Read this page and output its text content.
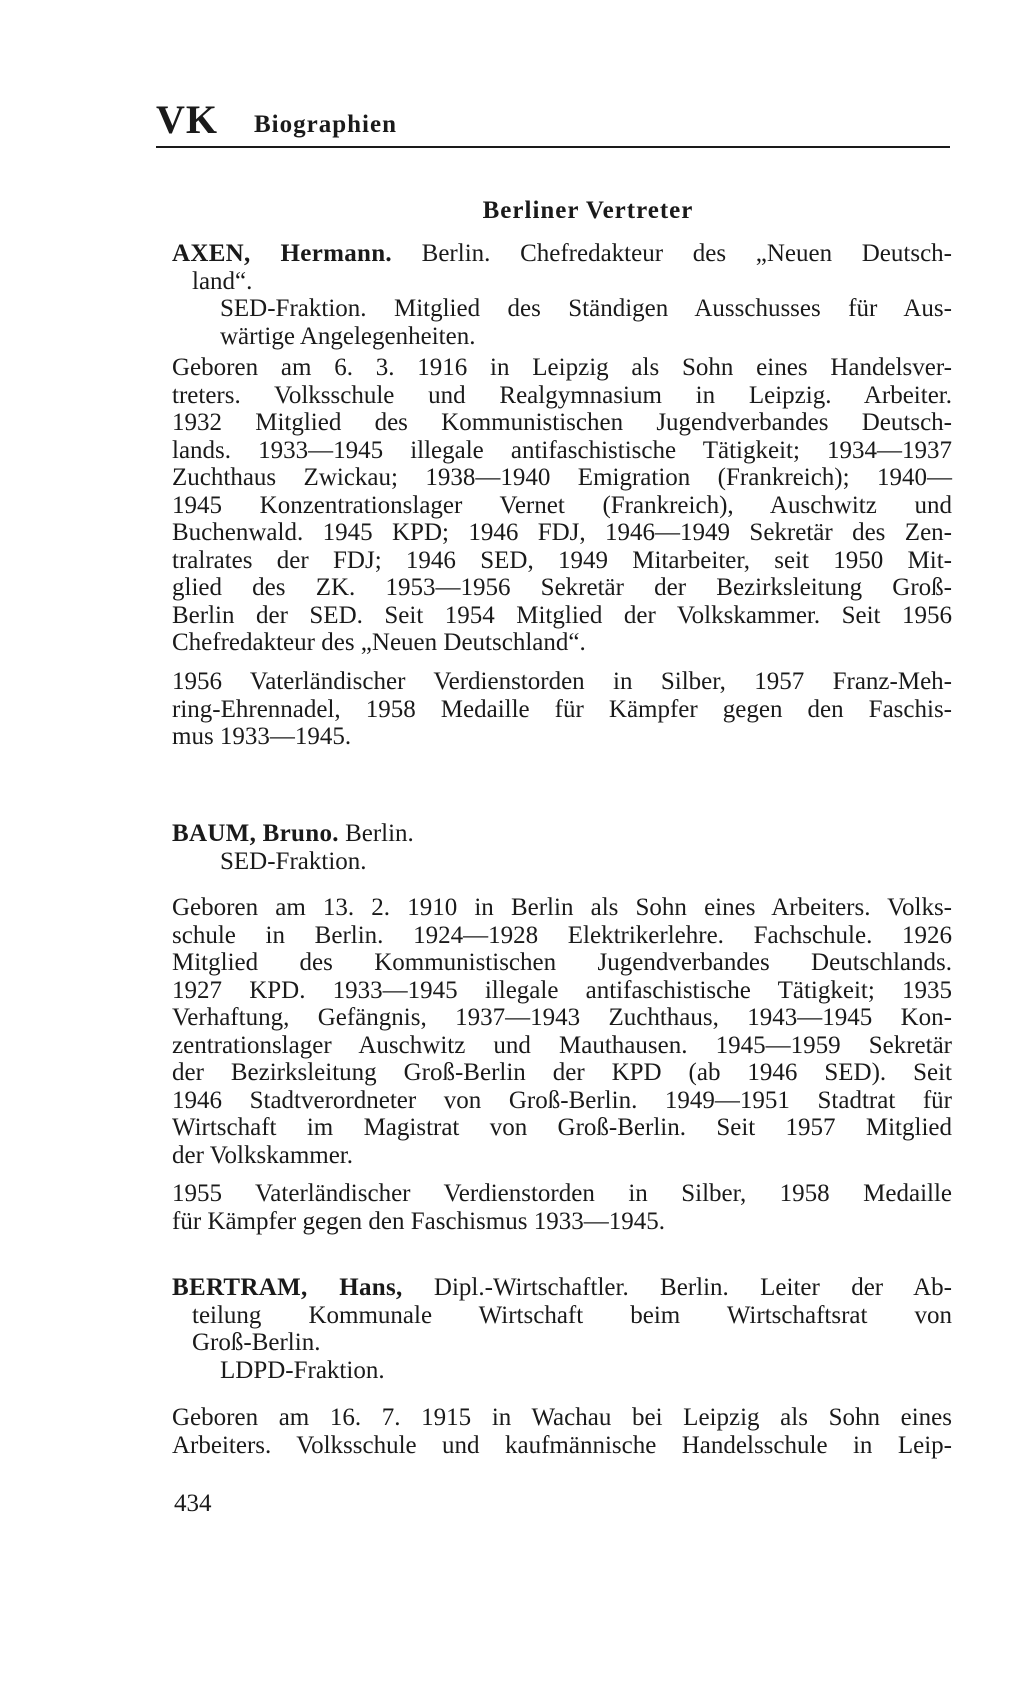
VK Biographien
Berliner Vertreter
AXEN, Hermann. Berlin. Chefredakteur des „Neuen Deutsch-
land“.
SED-Fraktion. Mitglied des Ständigen Ausschusses für Aus-
wärtige Angelegenheiten.
Geboren am 6. 3. 1916 in Leipzig als Sohn eines Handelsver-
treters. Volksschule und Realgymnasium in Leipzig. Arbeiter.
1932 Mitglied des Kommunistischen Jugendverbandes Deutsch-
lands. 1933—1945 illegale antifaschistische Tätigkeit; 1934—1937
Zuchthaus Zwickau; 1938—1940 Emigration (Frankreich); 1940—
1945 Konzentrationslager Vernet (Frankreich), Auschwitz und
Buchenwald. 1945 KPD; 1946 FDJ, 1946—1949 Sekretär des Zen-
tralrates der FDJ; 1946 SED, 1949 Mitarbeiter, seit 1950 Mit-
glied des ZK. 1953—1956 Sekretär der Bezirksleitung Groß-
Berlin der SED. Seit 1954 Mitglied der Volkskammer. Seit 1956
Chefredakteur des „Neuen Deutschland“.
1956 Vaterländischer Verdienstorden in Silber, 1957 Franz-Meh-
ring-Ehrennadel, 1958 Medaille für Kämpfer gegen den Faschis-
mus 1933—1945.
BAUM, Bruno. Berlin.
SED-Fraktion.
Geboren am 13. 2. 1910 in Berlin als Sohn eines Arbeiters. Volks-
schule in Berlin. 1924—1928 Elektrikerlehre. Fachschule. 1926
Mitglied des Kommunistischen Jugendverbandes Deutschlands.
1927 KPD. 1933—1945 illegale antifaschistische Tätigkeit; 1935
Verhaftung, Gefängnis, 1937—1943 Zuchthaus, 1943—1945 Kon-
zentrationslager Auschwitz und Mauthausen. 1945—1959 Sekretär
der Bezirksleitung Groß-Berlin der KPD (ab 1946 SED). Seit
1946 Stadtverordneter von Groß-Berlin. 1949—1951 Stadtrat für
Wirtschaft im Magistrat von Groß-Berlin. Seit 1957 Mitglied
der Volkskammer.
1955 Vaterländischer Verdienstorden in Silber, 1958 Medaille
für Kämpfer gegen den Faschismus 1933—1945.
BERTRAM, Hans, Dipl.-Wirtschaftler. Berlin. Leiter der Ab-
teilung Kommunale Wirtschaft beim Wirtschaftsrat von
Groß-Berlin.
LDPD-Fraktion.
Geboren am 16. 7. 1915 in Wachau bei Leipzig als Sohn eines
Arbeiters. Volksschule und kaufmännische Handelsschule in Leip-
434
